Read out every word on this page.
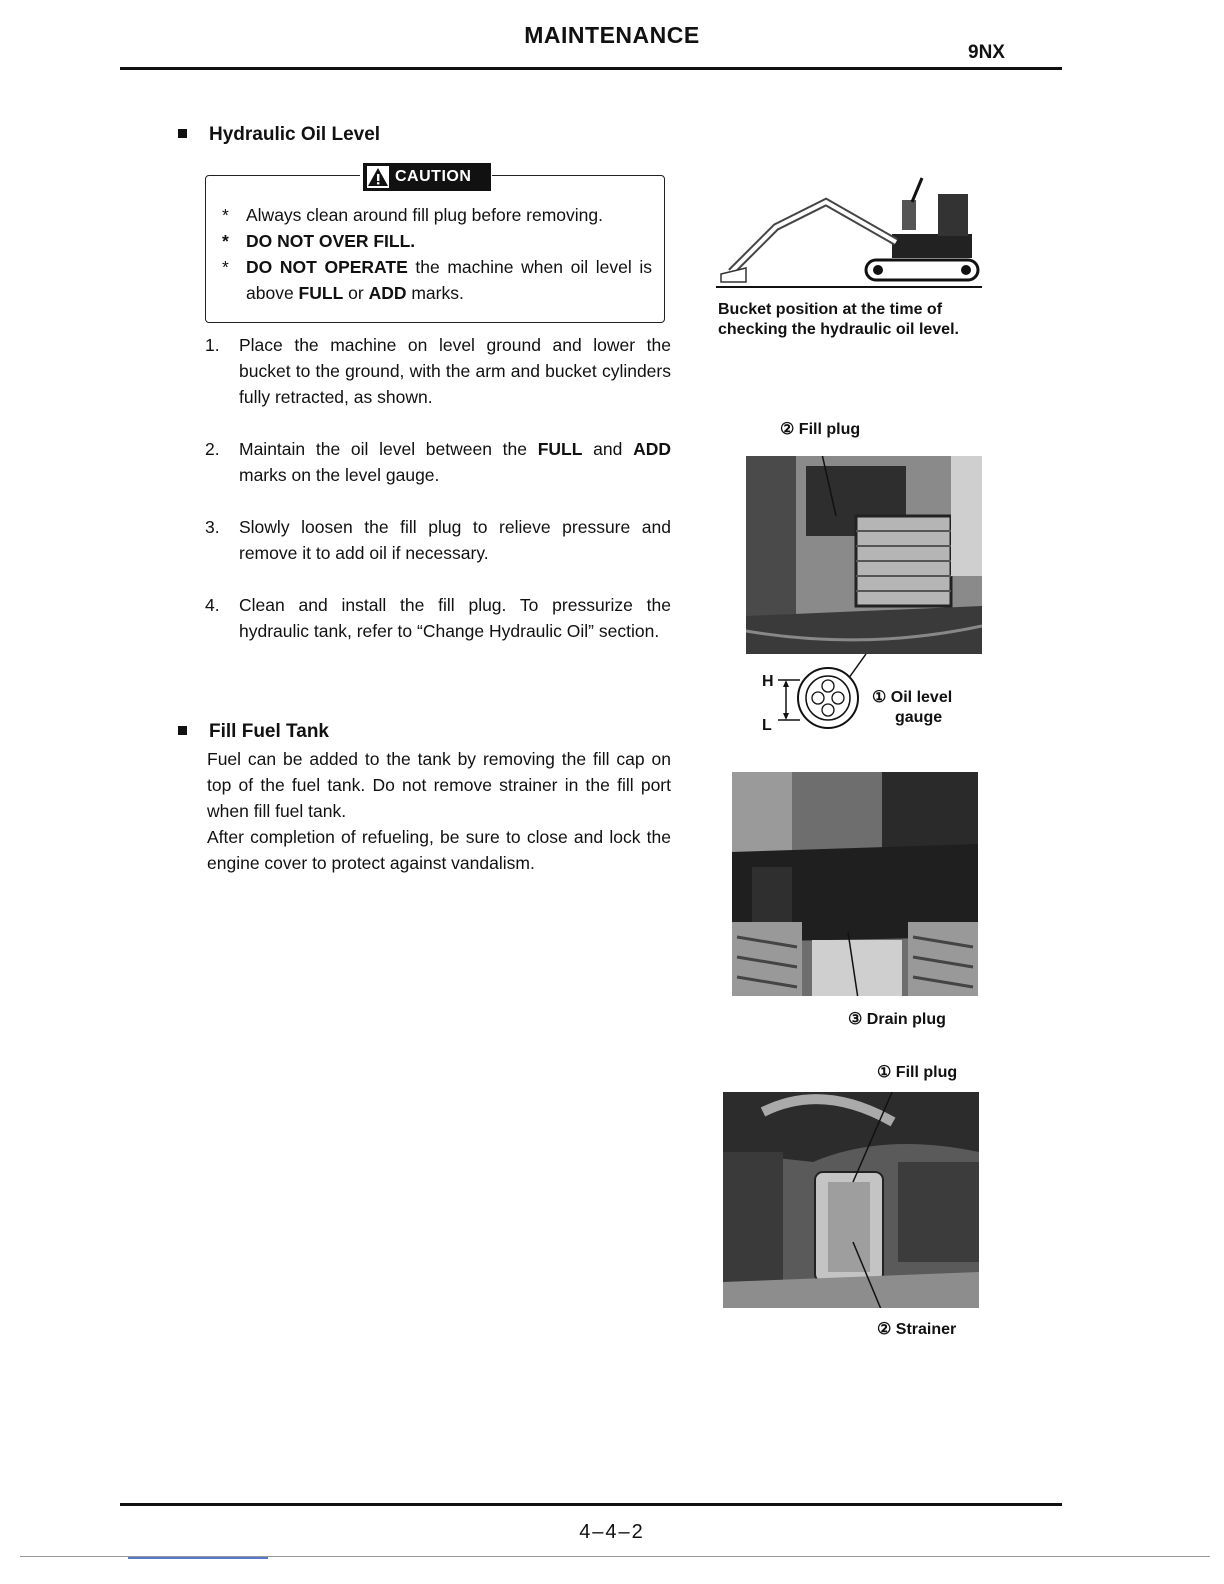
MAINTENANCE
9NX
Hydraulic Oil Level
CAUTION
* Always clean around fill plug before removing.
* DO NOT OVER FILL.
* DO NOT OPERATE the machine when oil level is above FULL or ADD marks.
1. Place the machine on level ground and lower the bucket to the ground, with the arm and bucket cylinders fully retracted, as shown.
2. Maintain the oil level between the FULL and ADD marks on the level gauge.
3. Slowly loosen the fill plug to relieve pressure and remove it to add oil if necessary.
4. Clean and install the fill plug. To pressurize the hydraulic tank, refer to “Change Hydraulic Oil” section.
Fill Fuel Tank
Fuel can be added to the tank by removing the fill cap on top of the fuel tank. Do not remove strainer in the fill port when fill fuel tank.
After completion of refueling, be sure to close and lock the engine cover to protect against vandalism.
Bucket position at the time of checking the hydraulic oil level.
② Fill plug
H
L
① Oil level
gauge
③ Drain plug
① Fill plug
② Strainer
4–4–2
